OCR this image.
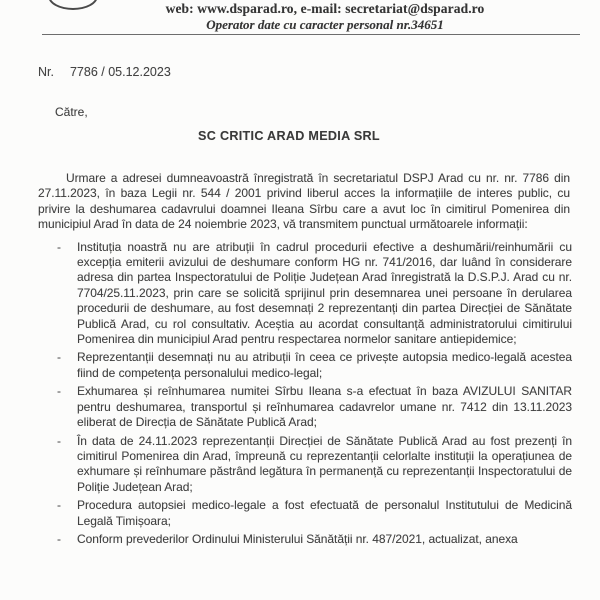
web: www.dsparad.ro, e-mail: secretariat@dsparad.ro
Operator date cu caracter personal nr.34651
Nr. 7786 / 05.12.2023
Către,
SC CRITIC ARAD MEDIA SRL

Urmare a adresei dumneavoastră înregistrată în secretariatul DSPJ Arad cu nr. nr. 7786 din 27.11.2023, în baza Legii nr. 544 / 2001 privind liberul acces la informațiile de interes public, cu privire la deshumarea cadavrului doamnei Ileana Sîrbu care a avut loc în cimitirul Pomenirea din municipiul Arad în data de 24 noiembrie 2023, vă transmitem punctual următoarele informații:

-	Instituția noastră nu are atribuții în cadrul procedurii efective a deshumării/reinhumării cu excepția emiterii avizului de deshumare conform HG nr. 741/2016, dar luând în considerare adresa din partea Inspectoratului de Poliție Județean Arad înregistrată la D.S.P.J. Arad cu nr. 7704/25.11.2023, prin care se solicită sprijinul prin desemnarea unei persoane în derularea procedurii de deshumare, au fost desemnați 2 reprezentanți din partea Direcției de Sănătate Publică Arad, cu rol consultativ. Aceștia au acordat consultanță administratorului cimitirului Pomenirea din municipiul Arad pentru respectarea normelor sanitare antiepidemice;
-	Reprezentanții desemnați nu au atribuții în ceea ce privește autopsia medico-legală acestea fiind de competența personalului medico-legal;
-	Exhumarea și reînhumarea numitei Sîrbu Ileana s-a efectuat în baza AVIZULUI SANITAR pentru deshumarea, transportul și reînhumarea cadavrelor umane nr. 7412 din 13.11.2023 eliberat de Direcția de Sănătate Publică Arad;
-	În data de 24.11.2023 reprezentanții Direcției de Sănătate Publică Arad au fost prezenți în cimitirul Pomenirea din Arad, împreună cu reprezentanții celorlalte instituții la operațiunea de exhumare și reînhumare păstrând legătura în permanență cu reprezentanții Inspectoratului de Poliție Județean Arad;
-	Procedura autopsiei medico-legale a fost efectuată de personalul Institutului de Medicină Legală Timișoara;
-	Conform prevederilor Ordinului Ministerului Sănătății nr. 487/2021, actualizat, anexa
